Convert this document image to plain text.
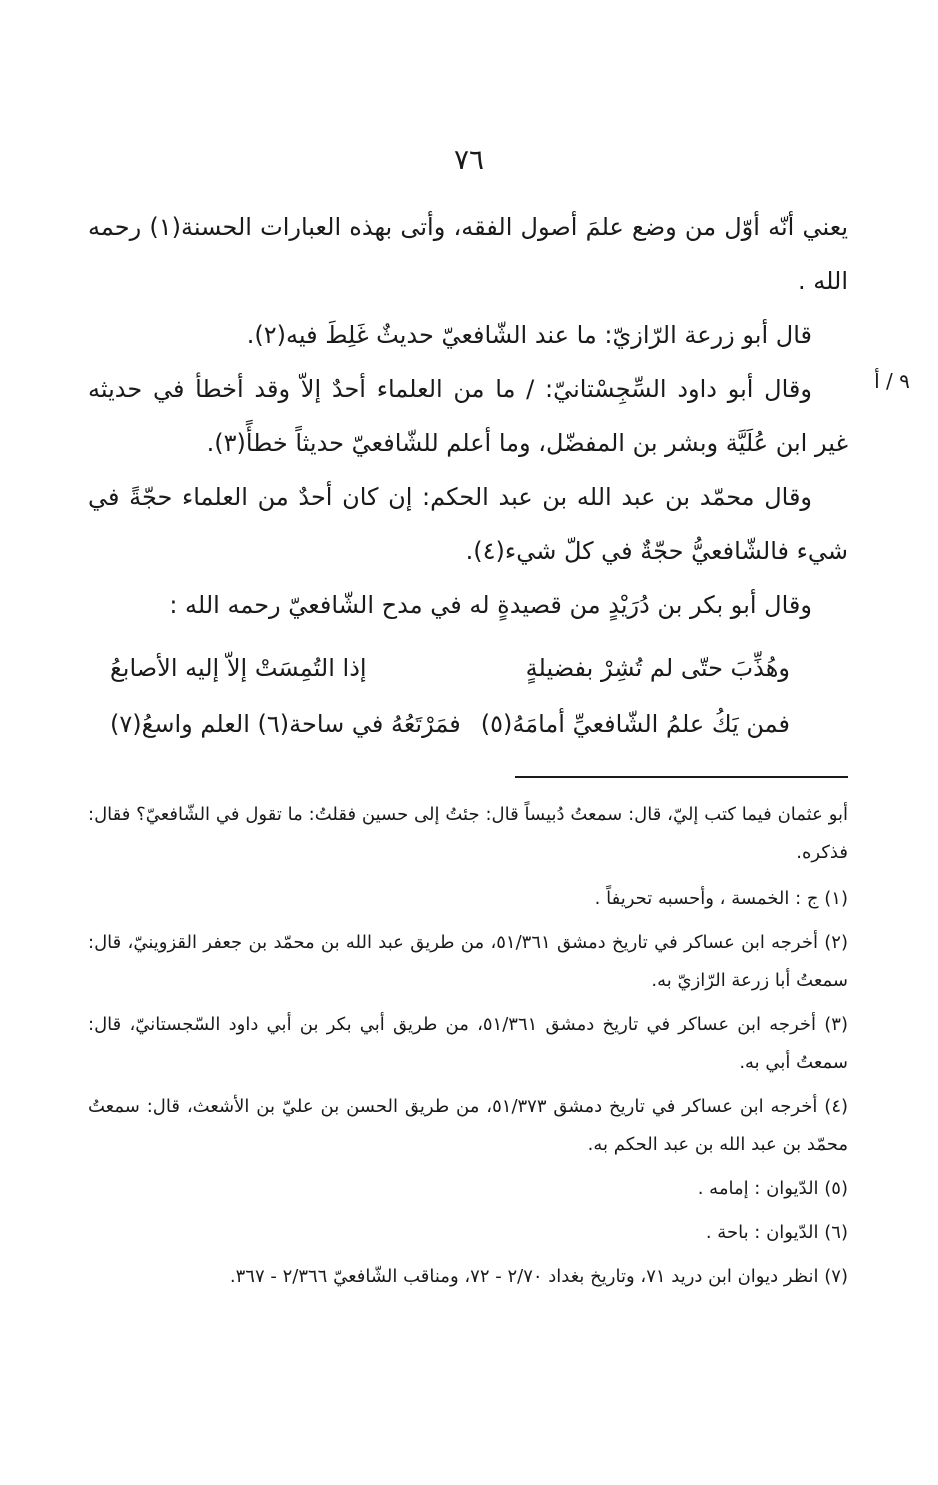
٧٦
٩ / أ

يعني أنّه أوّل من وضع علمَ أصول الفقه، وأتى بهذه العبارات الحسنة(١) رحمه الله .

قال أبو زرعة الرّازيّ: ما عند الشّافعيّ حديثٌ غَلِطَ فيه(٢).

وقال أبو داود السِّجِسْتانيّ: / ما من العلماء أحدٌ إلاّ وقد أخطأ في حديثه غير ابن عُلَيَّة وبشر بن المفضّل، وما أعلم للشّافعيّ حديثاً خطأً(٣).

وقال محمّد بن عبد الله بن عبد الحكم: إن كان أحدٌ من العلماء حجّةً في شيء فالشّافعيُّ حجّةٌ في كلّ شيء(٤).

وقال أبو بكر بن دُرَيْدٍ من قصيدةٍ له في مدح الشّافعيّ رحمه الله :

وهُذِّبَ حتّى لم تُشِرْ بفضيلةٍ
إذا التُمِسَتْ إلاّ إليه الأصابعُ
فمن يَكُ علمُ الشّافعيِّ أمامَهُ(٥)
فمَرْتَعُهُ في ساحة(٦) العلم واسعُ(٧)

أبو عثمان فيما كتب إليّ، قال: سمعتُ دُبيساً قال: جئتُ إلى حسين فقلتُ: ما تقول في الشّافعيّ؟ فقال: فذكره.

(١) ج : الخمسة ، وأحسبه تحريفاً .

(٢) أخرجه ابن عساكر في تاريخ دمشق ٥١/٣٦١، من طريق عبد الله بن محمّد بن جعفر القزوينيّ، قال: سمعتُ أبا زرعة الرّازيّ به.

(٣) أخرجه ابن عساكر في تاريخ دمشق ٥١/٣٦١، من طريق أبي بكر بن أبي داود السّجستانيّ، قال: سمعتُ أبي به.

(٤) أخرجه ابن عساكر في تاريخ دمشق ٥١/٣٧٣، من طريق الحسن بن عليّ بن الأشعث، قال: سمعتُ محمّد بن عبد الله بن عبد الحكم به.

(٥) الدّيوان : إمامه .

(٦) الدّيوان : باحة .

(٧) انظر ديوان ابن دريد ٧١، وتاريخ بغداد ٢/٧٠ - ٧٢، ومناقب الشّافعيّ ٢/٣٦٦ - ٣٦٧.
